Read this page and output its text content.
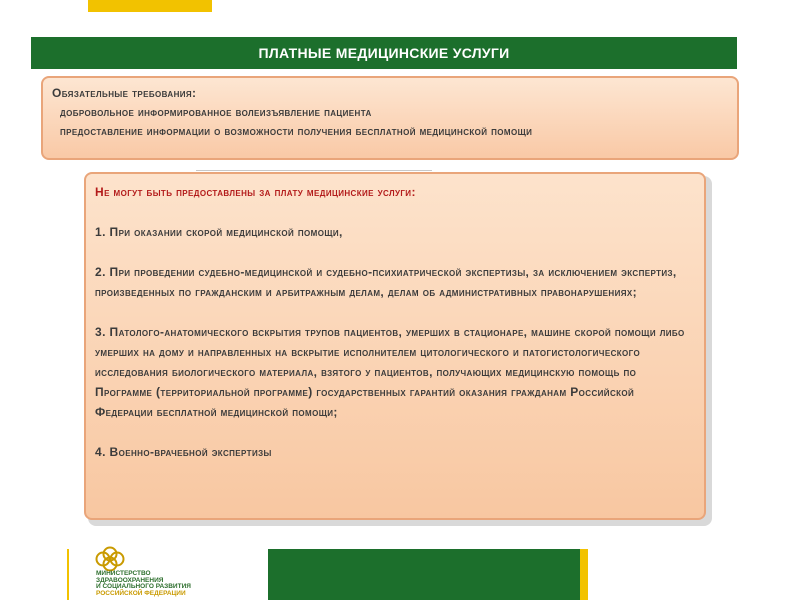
ПЛАТНЫЕ МЕДИЦИНСКИЕ УСЛУГИ

Обязательные требования:

добровольное информированное волеизъявление пациента

предоставление информации о возможности получения бесплатной медицинской помощи

Не могут быть предоставлены за плату медицинские услуги:

1. При оказании скорой медицинской помощи,

2. При проведении судебно-медицинской и судебно-психиатрической экспертизы, за исключением экспертиз, произведенных по гражданским и арбитражным делам, делам об административных правонарушениях;

3. Патолого-анатомического вскрытия трупов пациентов, умерших в стационаре, машине скорой помощи либо умерших на дому и направленных на вскрытие исполнителем цитологического и патогистологического исследования биологического материала, взятого у пациентов, получающих медицинскую помощь по Программе (территориальной программе) государственных гарантий оказания гражданам Российской Федерации бесплатной медицинской помощи;

4. Военно-врачебной экспертизы

МИНИСТЕРСТВО
ЗДРАВООХРАНЕНИЯ
И СОЦИАЛЬНОГО РАЗВИТИЯ
РОССИЙСКОЙ ФЕДЕРАЦИИ
